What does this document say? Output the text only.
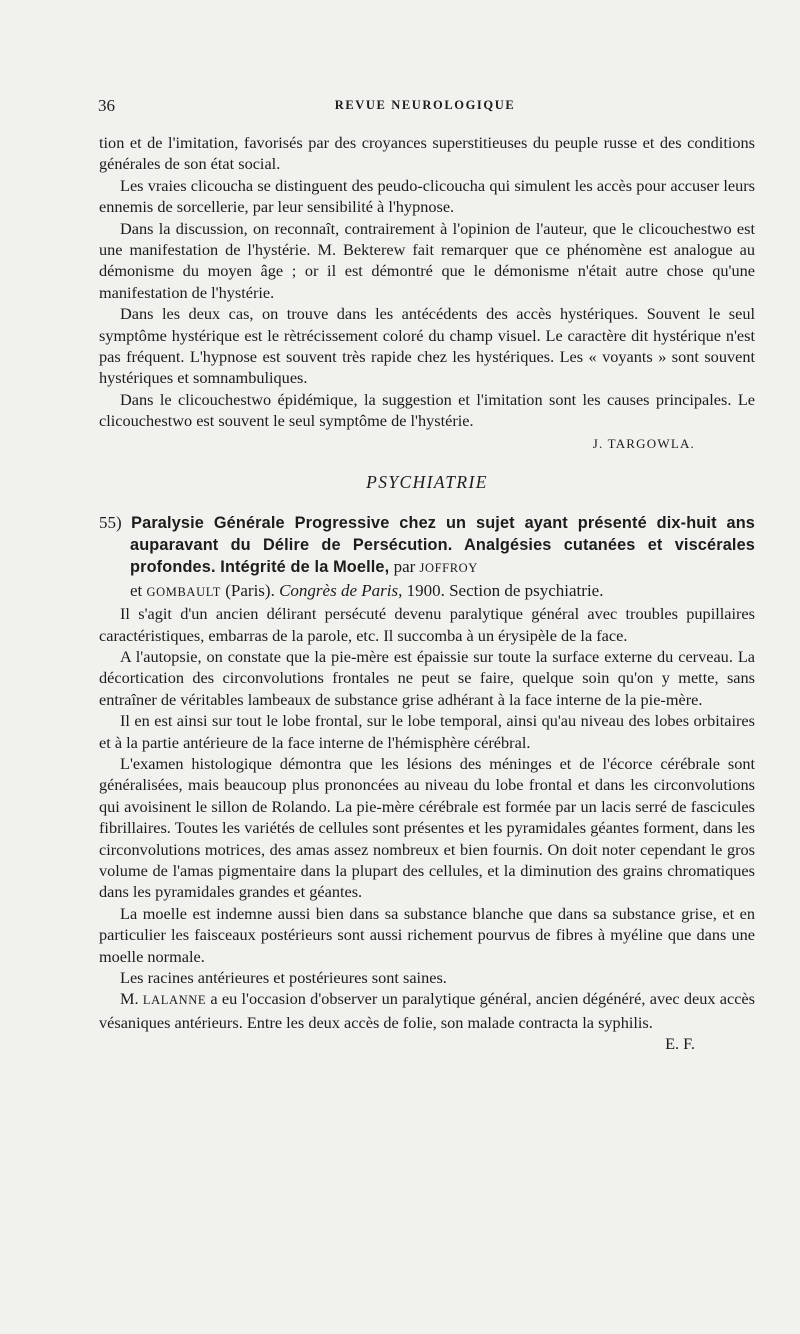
36	REVUE NEUROLOGIQUE

tion et de l'imitation, favorisés par des croyances superstitieuses du peuple russe et des conditions générales de son état social.

Les vraies clicoucha se distinguent des peudo-clicoucha qui simulent les accès pour accuser leurs ennemis de sorcellerie, par leur sensibilité à l'hypnose.

Dans la discussion, on reconnaît, contrairement à l'opinion de l'auteur, que le clicouchestwo est une manifestation de l'hystérie. M. Bekterew fait remarquer que ce phénomène est analogue au démonisme du moyen âge ; or il est démontré que le démonisme n'était autre chose qu'une manifestation de l'hystérie.

Dans les deux cas, on trouve dans les antécédents des accès hystériques. Souvent le seul symptôme hystérique est le rètrécissement coloré du champ visuel. Le caractère dit hystérique n'est pas fréquent. L'hypnose est souvent très rapide chez les hystériques. Les « voyants » sont souvent hystériques et somnambuliques.

Dans le clicouchestwo épidémique, la suggestion et l'imitation sont les causes principales. Le clicouchestwo est souvent le seul symptôme de l'hystérie.

J. TARGOWLA.

PSYCHIATRIE

55) Paralysie Générale Progressive chez un sujet ayant présenté dix-huit ans auparavant du Délire de Persécution. Analgésies cutanées et viscérales profondes. Intégrité de la Moelle, par JOFFROY
et GOMBAULT (Paris). Congrès de Paris, 1900. Section de psychiatrie.

Il s'agit d'un ancien délirant persécuté devenu paralytique général avec troubles pupillaires caractéristiques, embarras de la parole, etc. Il succomba à un érysipèle de la face.

A l'autopsie, on constate que la pie-mère est épaissie sur toute la surface externe du cerveau. La décortication des circonvolutions frontales ne peut se faire, quelque soin qu'on y mette, sans entraîner de véritables lambeaux de substance grise adhérant à la face interne de la pie-mère.

Il en est ainsi sur tout le lobe frontal, sur le lobe temporal, ainsi qu'au niveau des lobes orbitaires et à la partie antérieure de la face interne de l'hémisphère cérébral.

L'examen histologique démontra que les lésions des méninges et de l'écorce cérébrale sont généralisées, mais beaucoup plus prononcées au niveau du lobe frontal et dans les circonvolutions qui avoisinent le sillon de Rolando. La pie-mère cérébrale est formée par un lacis serré de fascicules fibrillaires. Toutes les variétés de cellules sont présentes et les pyramidales géantes forment, dans les circonvolutions motrices, des amas assez nombreux et bien fournis. On doit noter cependant le gros volume de l'amas pigmentaire dans la plupart des cellules, et la diminution des grains chromatiques dans les pyramidales grandes et géantes.

La moelle est indemne aussi bien dans sa substance blanche que dans sa substance grise, et en particulier les faisceaux postérieurs sont aussi richement pourvus de fibres à myéline que dans une moelle normale.

Les racines antérieures et postérieures sont saines.

M. LALANNE a eu l'occasion d'observer un paralytique général, ancien dégénéré, avec deux accès vésaniques antérieurs. Entre les deux accès de folie, son malade contracta la syphilis.
E. F.
